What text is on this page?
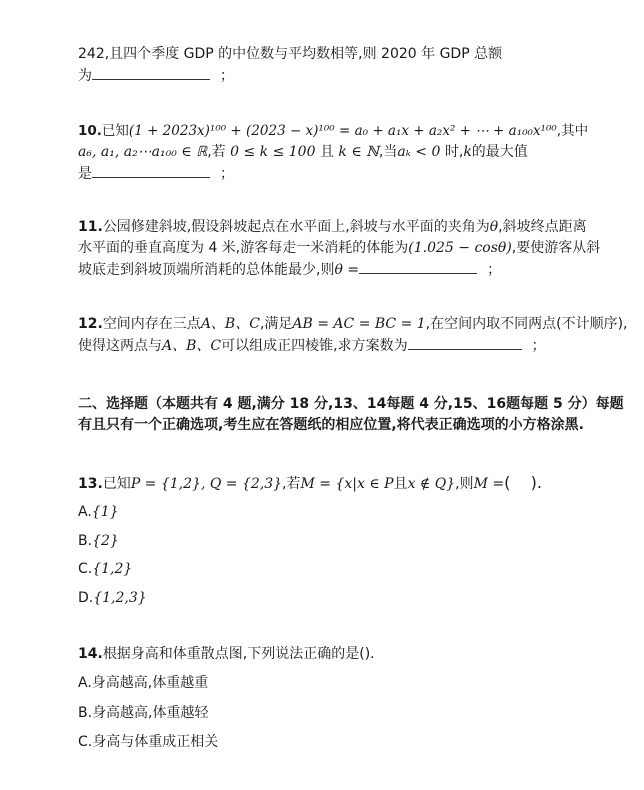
242,且四个季度 GDP 的中位数与平均数相等,则 2020 年 GDP 总额
为	；
10.已知(1 + 2023x)¹⁰⁰ + (2023 − x)¹⁰⁰ = a₀ + a₁x + a₂x² + ⋯ + a₁₀₀x¹⁰⁰,其中
a₆, a₁, a₂⋯a₁₀₀ ∈ ℝ,若 0 ≤ k ≤ 100 且 k ∈ ℕ,当aₖ < 0 时,k的最大值
是	；
11.公园修建斜坡,假设斜坡起点在水平面上,斜坡与水平面的夹角为θ,斜坡终点距离
水平面的垂直高度为 4 米,游客每走一米消耗的体能为(1.025 − cosθ),要使游客从斜
坡底走到斜坡顶端所消耗的总体能最少,则θ =	；
12.空间内存在三点A、B、C,满足AB = AC = BC = 1,在空间内取不同两点(不计顺序),
使得这两点与A、B、C可以组成正四棱锥,求方案数为	；
二、选择题（本题共有 4 题,满分 18 分,13、14每题 4 分,15、16题每题 5 分）每题
有且只有一个正确选项,考生应在答题纸的相应位置,将代表正确选项的小方格涂黑.
13.已知P = {1,2}, Q = {2,3},若M = {x|x ∈ P且x ∉ Q},则M =(    ).
A.{1}
B.{2}
C.{1,2}
D.{1,2,3}
14.根据身高和体重散点图,下列说法正确的是().
A.身高越高,体重越重
B.身高越高,体重越轻
C.身高与体重成正相关
